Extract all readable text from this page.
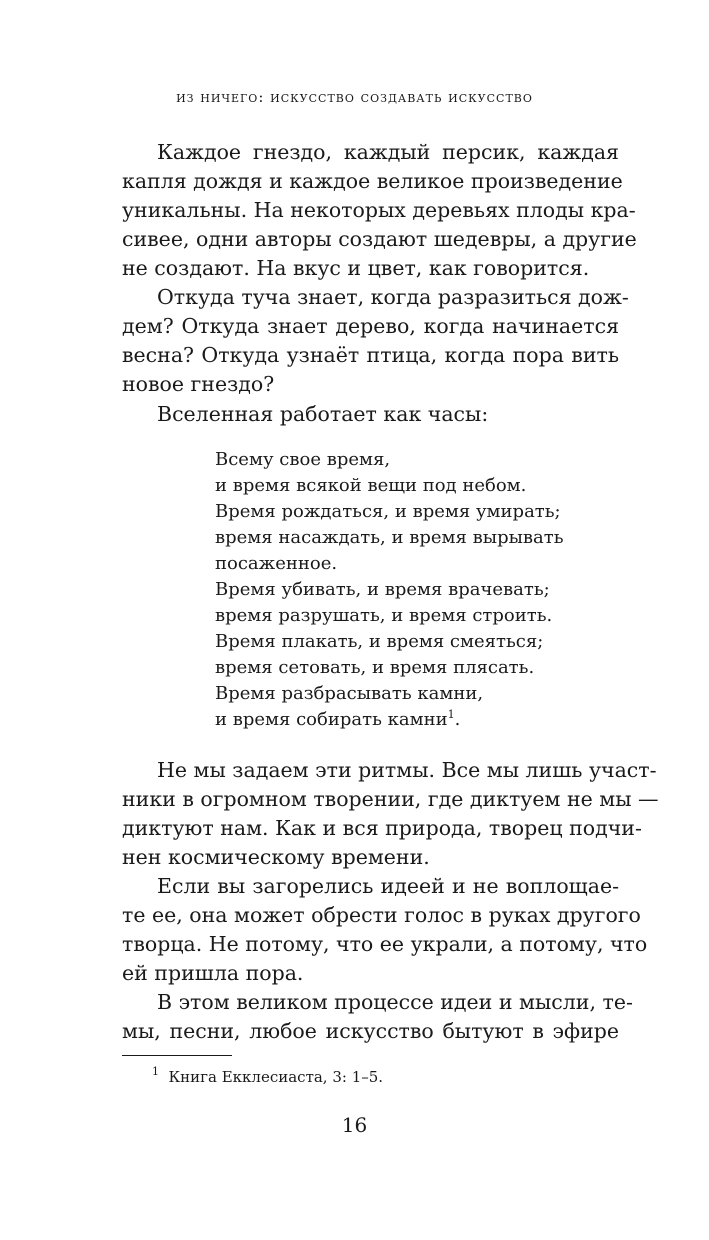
из ничего: искусство создавать искусство
Каждое гнездо, каждый персик, каждая
капля дождя и каждое великое произведение
уникальны. На некоторых деревьях плоды кра-
сивее, одни авторы создают шедевры, а другие
не создают. На вкус и цвет, как говорится.
Откуда туча знает, когда разразиться дож-
дем? Откуда знает дерево, когда начинается
весна? Откуда узнаёт птица, когда пора вить
новое гнездо?
Вселенная работает как часы:
Всему свое время,
и время всякой вещи под небом.
Время рождаться, и время умирать;
время насаждать, и время вырывать
посаженное.
Время убивать, и время врачевать;
время разрушать, и время строить.
Время плакать, и время смеяться;
время сетовать, и время плясать.
Время разбрасывать камни,
и время собирать камни$^1$.
Не мы задаем эти ритмы. Все мы лишь участ-
ники в огромном творении, где диктуем не мы —
диктуют нам. Как и вся природа, творец подчи-
нен космическому времени.
Если вы загорелись идеей и не воплощае-
те ее, она может обрести голос в руках другого
творца. Не потому, что ее украли, а потому, что
ей пришла пора.
В этом великом процессе идеи и мысли, те-
мы, песни, любое искусство бытуют в эфире
$^1$ Книга Екклесиаста, 3: 1–5.
16
